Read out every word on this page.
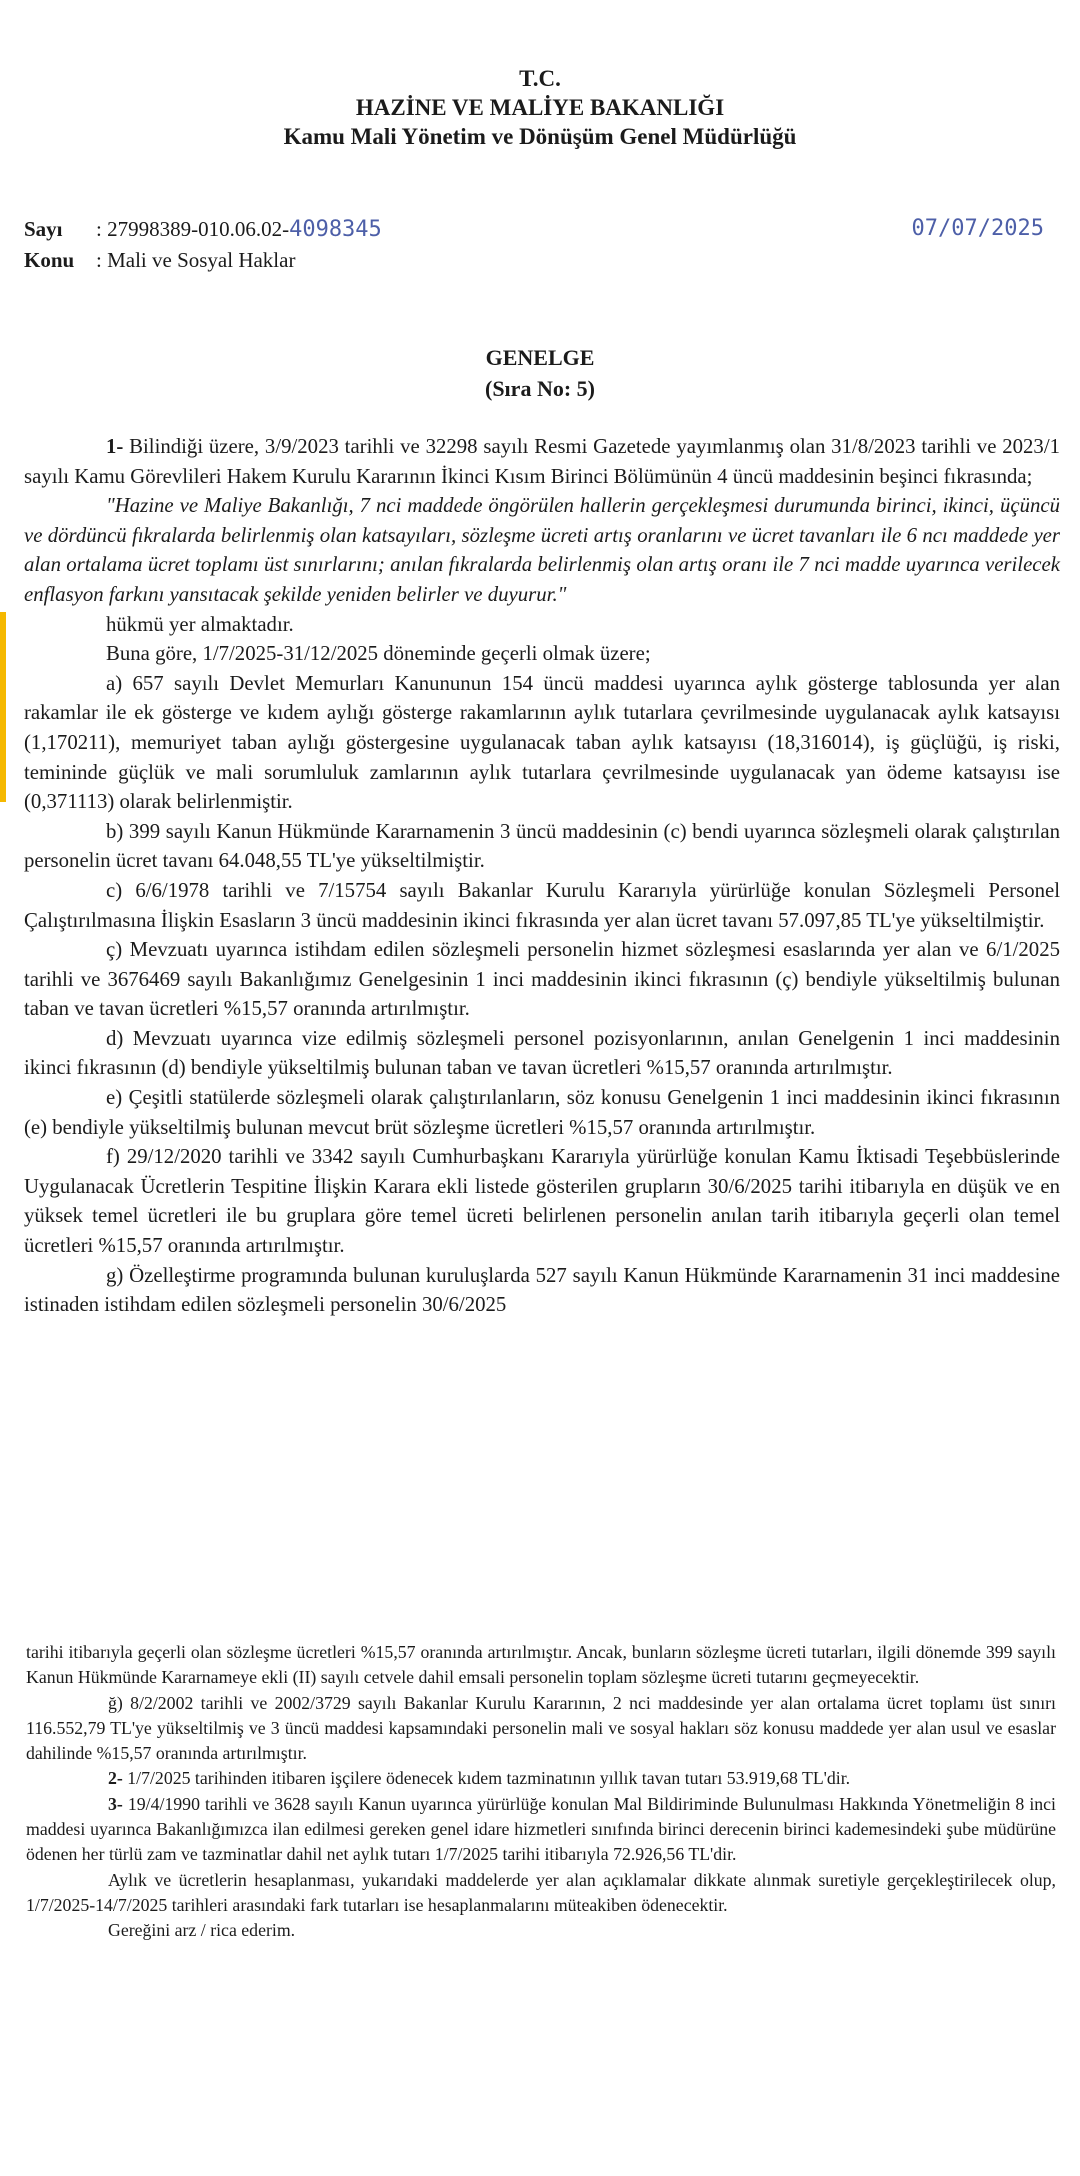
T.C.
HAZİNE VE MALİYE BAKANLIĞI
Kamu Mali Yönetim ve Dönüşüm Genel Müdürlüğü
Sayı : 27998389-010.06.02-4098345	07/07/2025
Konu : Mali ve Sosyal Haklar
GENELGE
(Sıra No: 5)

1- Bilindiği üzere, 3/9/2023 tarihli ve 32298 sayılı Resmi Gazetede yayımlanmış olan 31/8/2023 tarihli ve 2023/1 sayılı Kamu Görevlileri Hakem Kurulu Kararının İkinci Kısım Birinci Bölümünün 4 üncü maddesinin beşinci fıkrasında;

"Hazine ve Maliye Bakanlığı, 7 nci maddede öngörülen hallerin gerçekleşmesi durumunda birinci, ikinci, üçüncü ve dördüncü fıkralarda belirlenmiş olan katsayıları, sözleşme ücreti artış oranlarını ve ücret tavanları ile 6 ncı maddede yer alan ortalama ücret toplamı üst sınırlarını; anılan fıkralarda belirlenmiş olan artış oranı ile 7 nci madde uyarınca verilecek enflasyon farkını yansıtacak şekilde yeniden belirler ve duyurur."

hükmü yer almaktadır.

Buna göre, 1/7/2025-31/12/2025 döneminde geçerli olmak üzere;

a) 657 sayılı Devlet Memurları Kanununun 154 üncü maddesi uyarınca aylık gösterge tablosunda yer alan rakamlar ile ek gösterge ve kıdem aylığı gösterge rakamlarının aylık tutarlara çevrilmesinde uygulanacak aylık katsayısı (1,170211), memuriyet taban aylığı göstergesine uygulanacak taban aylık katsayısı (18,316014), iş güçlüğü, iş riski, temininde güçlük ve mali sorumluluk zamlarının aylık tutarlara çevrilmesinde uygulanacak yan ödeme katsayısı ise (0,371113) olarak belirlenmiştir.

b) 399 sayılı Kanun Hükmünde Kararnamenin 3 üncü maddesinin (c) bendi uyarınca sözleşmeli olarak çalıştırılan personelin ücret tavanı 64.048,55 TL'ye yükseltilmiştir.

c) 6/6/1978 tarihli ve 7/15754 sayılı Bakanlar Kurulu Kararıyla yürürlüğe konulan Sözleşmeli Personel Çalıştırılmasına İlişkin Esasların 3 üncü maddesinin ikinci fıkrasında yer alan ücret tavanı 57.097,85 TL'ye yükseltilmiştir.

ç) Mevzuatı uyarınca istihdam edilen sözleşmeli personelin hizmet sözleşmesi esaslarında yer alan ve 6/1/2025 tarihli ve 3676469 sayılı Bakanlığımız Genelgesinin 1 inci maddesinin ikinci fıkrasının (ç) bendiyle yükseltilmiş bulunan taban ve tavan ücretleri %15,57 oranında artırılmıştır.

d) Mevzuatı uyarınca vize edilmiş sözleşmeli personel pozisyonlarının, anılan Genelgenin 1 inci maddesinin ikinci fıkrasının (d) bendiyle yükseltilmiş bulunan taban ve tavan ücretleri %15,57 oranında artırılmıştır.

e) Çeşitli statülerde sözleşmeli olarak çalıştırılanların, söz konusu Genelgenin 1 inci maddesinin ikinci fıkrasının (e) bendiyle yükseltilmiş bulunan mevcut brüt sözleşme ücretleri %15,57 oranında artırılmıştır.

f) 29/12/2020 tarihli ve 3342 sayılı Cumhurbaşkanı Kararıyla yürürlüğe konulan Kamu İktisadi Teşebbüslerinde Uygulanacak Ücretlerin Tespitine İlişkin Karara ekli listede gösterilen grupların 30/6/2025 tarihi itibarıyla en düşük ve en yüksek temel ücretleri ile bu gruplara göre temel ücreti belirlenen personelin anılan tarih itibarıyla geçerli olan temel ücretleri %15,57 oranında artırılmıştır.

g) Özelleştirme programında bulunan kuruluşlarda 527 sayılı Kanun Hükmünde Kararnamenin 31 inci maddesine istinaden istihdam edilen sözleşmeli personelin 30/6/2025

tarihi itibarıyla geçerli olan sözleşme ücretleri %15,57 oranında artırılmıştır. Ancak, bunların sözleşme ücreti tutarları, ilgili dönemde 399 sayılı Kanun Hükmünde Kararnameye ekli (II) sayılı cetvele dahil emsali personelin toplam sözleşme ücreti tutarını geçmeyecektir.

ğ) 8/2/2002 tarihli ve 2002/3729 sayılı Bakanlar Kurulu Kararının, 2 nci maddesinde yer alan ortalama ücret toplamı üst sınırı 116.552,79 TL'ye yükseltilmiş ve 3 üncü maddesi kapsamındaki personelin mali ve sosyal hakları söz konusu maddede yer alan usul ve esaslar dahilinde %15,57 oranında artırılmıştır.

2- 1/7/2025 tarihinden itibaren işçilere ödenecek kıdem tazminatının yıllık tavan tutarı 53.919,68 TL'dir.

3- 19/4/1990 tarihli ve 3628 sayılı Kanun uyarınca yürürlüğe konulan Mal Bildiriminde Bulunulması Hakkında Yönetmeliğin 8 inci maddesi uyarınca Bakanlığımızca ilan edilmesi gereken genel idare hizmetleri sınıfında birinci derecenin birinci kademesindeki şube müdürüne ödenen her türlü zam ve tazminatlar dahil net aylık tutarı 1/7/2025 tarihi itibarıyla 72.926,56 TL'dir.

Aylık ve ücretlerin hesaplanması, yukarıdaki maddelerde yer alan açıklamalar dikkate alınmak suretiyle gerçekleştirilecek olup, 1/7/2025-14/7/2025 tarihleri arasındaki fark tutarları ise hesaplanmalarını müteakiben ödenecektir.

Gereğini arz / rica ederim.
